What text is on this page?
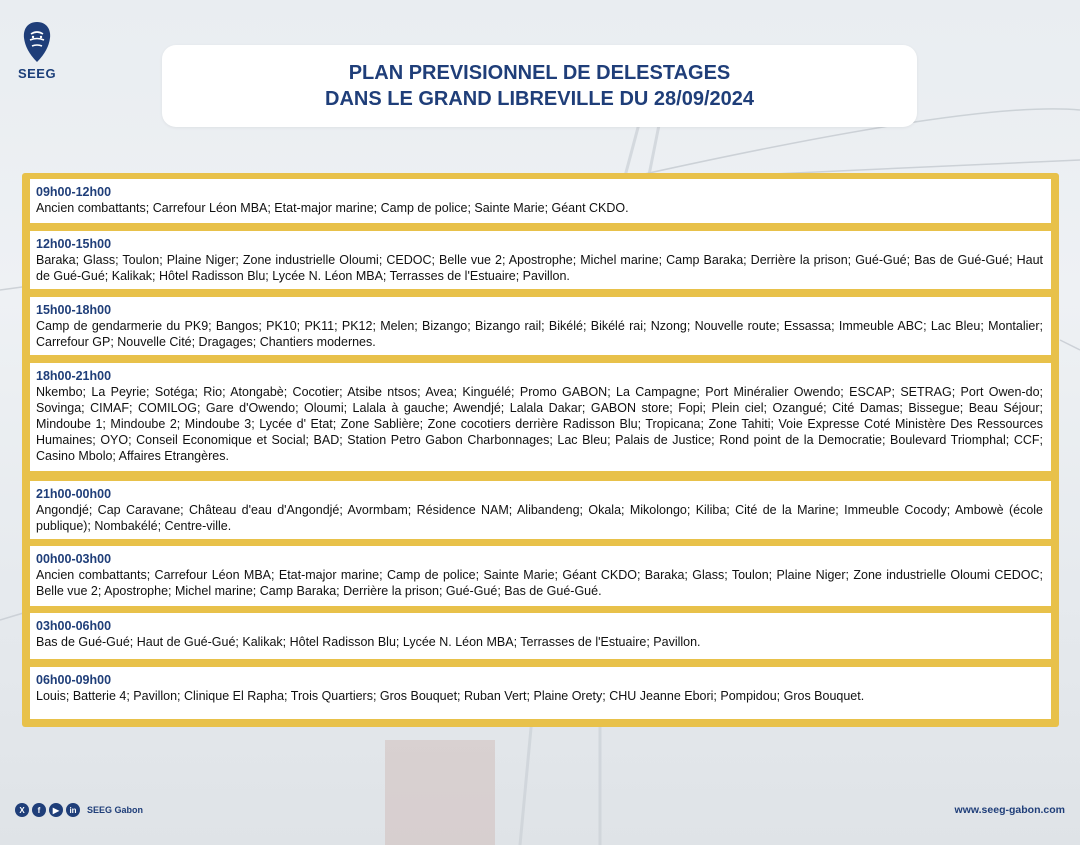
SEEG	PLAN PREVISIONNEL DE DELESTAGES
DANS LE GRAND LIBREVILLE DU 28/09/2024
09h00-12h00
Ancien combattants; Carrefour Léon MBA; Etat-major marine; Camp de police; Sainte Marie; Géant CKDO.
12h00-15h00
Baraka; Glass; Toulon; Plaine Niger; Zone industrielle Oloumi; CEDOC; Belle vue 2; Apostrophe; Michel marine; Camp Baraka; Derrière la prison; Gué-Gué; Bas de Gué-Gué; Haut de Gué-Gué; Kalikak; Hôtel Radisson Blu; Lycée N. Léon MBA; Terrasses de l'Estuaire; Pavillon.
15h00-18h00
Camp de gendarmerie du PK9; Bangos; PK10; PK11; PK12; Melen; Bizango; Bizango rail; Bikélé; Bikélé rai; Nzong; Nouvelle route; Essassa; Immeuble ABC; Lac Bleu; Montalier; Carrefour GP; Nouvelle Cité; Dragages; Chantiers modernes.
18h00-21h00
Nkembo; La Peyrie; Sotéga; Rio; Atongabè; Cocotier; Atsibe ntsos; Avea; Kinguélé; Promo GABON; La Campagne; Port Minéralier Owendo; ESCAP; SETRAG; Port Owen-do; Sovinga; CIMAF; COMILOG; Gare d'Owendo; Oloumi; Lalala à gauche; Awendjé; Lalala Dakar; GABON store; Fopi; Plein ciel; Ozangué; Cité Damas; Bissegue; Beau Séjour; Mindoube 1; Mindoube 2; Mindoube 3; Lycée d' Etat; Zone Sablière; Zone cocotiers derrière Radisson Blu; Tropicana; Zone Tahiti; Voie Expresse Coté Ministère Des Ressources Humaines; OYO; Conseil Economique et Social; BAD; Station Petro Gabon Charbonnages; Lac Bleu; Palais de Justice; Rond point de la Democratie; Boulevard Triomphal; CCF; Casino Mbolo; Affaires Etrangères.
21h00-00h00
Angondjé; Cap Caravane; Château d'eau d'Angondjé; Avormbam; Résidence NAM; Alibandeng; Okala; Mikolongo; Kiliba; Cité de la Marine; Immeuble Cocody; Ambowè (école publique); Nombakélé; Centre-ville.
00h00-03h00
Ancien combattants; Carrefour Léon MBA; Etat-major marine; Camp de police; Sainte Marie; Géant CKDO; Baraka; Glass; Toulon; Plaine Niger; Zone industrielle Oloumi CEDOC; Belle vue 2; Apostrophe; Michel marine; Camp Baraka; Derrière la prison; Gué-Gué; Bas de Gué-Gué.
03h00-06h00
Bas de Gué-Gué; Haut de Gué-Gué; Kalikak; Hôtel Radisson Blu; Lycée N. Léon MBA; Terrasses de l'Estuaire; Pavillon.
06h00-09h00
Louis; Batterie 4; Pavillon; Clinique El Rapha; Trois Quartiers; Gros Bouquet; Ruban Vert; Plaine Orety; CHU Jeanne Ebori; Pompidou; Gros Bouquet.
X	f	▶	in	SEEG Gabon	www.seeg-gabon.com
